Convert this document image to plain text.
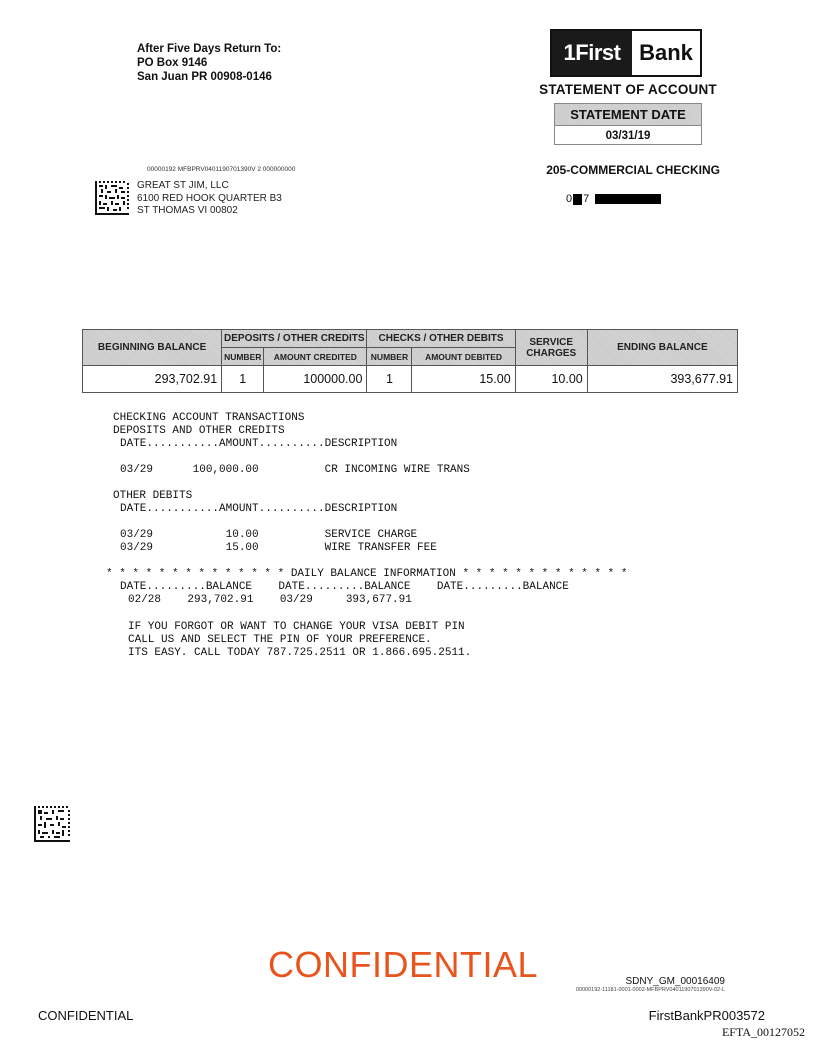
After Five Days Return To:
PO Box 9146
San Juan PR 00908-0146
1First Bank
STATEMENT OF ACCOUNT
STATEMENT DATE
03/31/19
00000192 MFBPRV0401190701390V 2 000000000
GREAT ST JIM, LLC
6100 RED HOOK QUARTER B3
ST THOMAS VI 00802
205-COMMERCIAL CHECKING
0 7
BEGINNING BALANCE	DEPOSITS / OTHER CREDITS		CHECKS / OTHER DEBITS		SERVICE CHARGES	ENDING BALANCE
	NUMBER	AMOUNT CREDITED	NUMBER	AMOUNT DEBITED		
293,702.91	1	100000.00	1	15.00	10.00	393,677.91
CHECKING ACCOUNT TRANSACTIONS
DEPOSITS AND OTHER CREDITS
DATE...........AMOUNT..........DESCRIPTION
03/29      100,000.00          CR INCOMING WIRE TRANS
OTHER DEBITS
DATE...........AMOUNT..........DESCRIPTION
03/29           10.00          SERVICE CHARGE
03/29           15.00          WIRE TRANSFER FEE
* * * * * * * * * * * * * * DAILY BALANCE INFORMATION * * * * * * * * * * * * *
DATE.........BALANCE    DATE.........BALANCE    DATE.........BALANCE
02/28    293,702.91    03/29     393,677.91
IF YOU FORGOT OR WANT TO CHANGE YOUR VISA DEBIT PIN
CALL US AND SELECT THE PIN OF YOUR PREFERENCE.
ITS EASY. CALL TODAY 787.725.2511 OR 1.866.695.2511.
CONFIDENTIAL	SDNY_GM_00016409
00000192-11181-0001-0002-MFBPRV0401190701390V-02-L
CONFIDENTIAL	FirstBankPR003572
EFTA_00127052
